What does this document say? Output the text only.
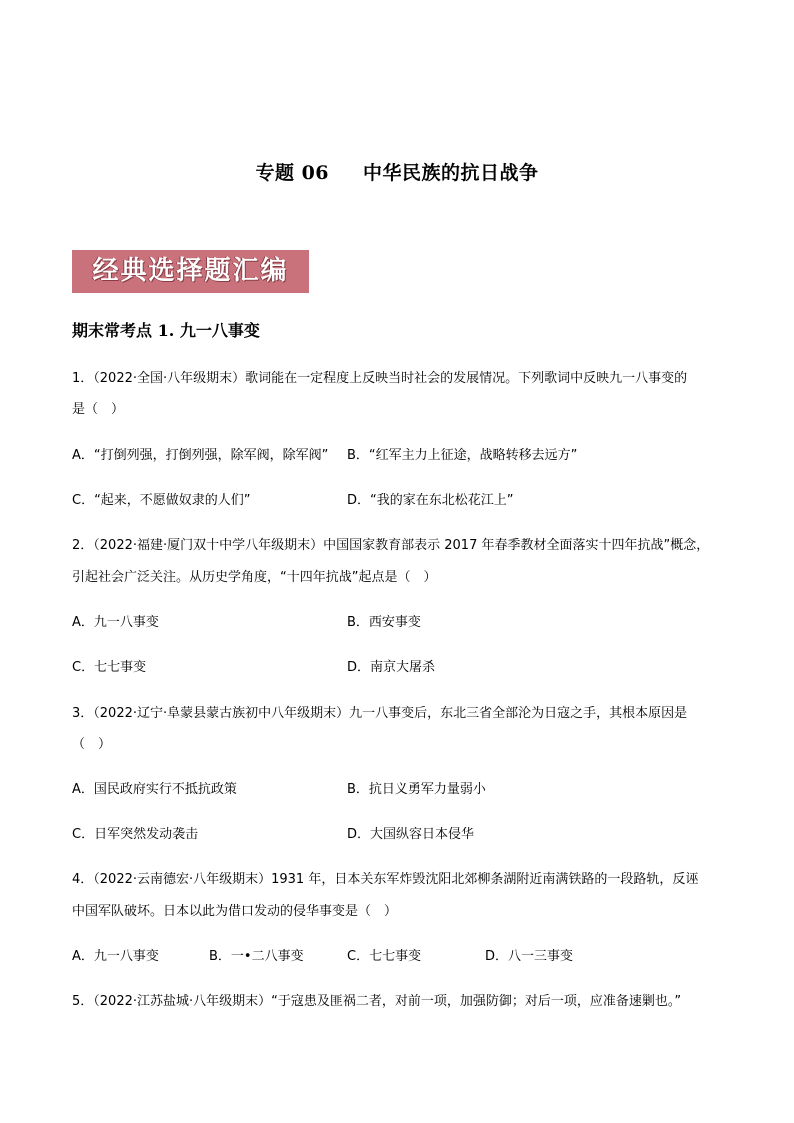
专题 06 中华民族的抗日战争
经典选择题汇编
期末常考点 1. 九一八事变
1．（2022·全国·八年级期末）歌词能在一定程度上反映当时社会的发展情况。下列歌词中反映九一八事变的
是（　）
A．“打倒列强，打倒列强，除军阀，除军阀” B．“红军主力上征途，战略转移去远方”
C．“起来，不愿做奴隶的人们”	D．“我的家在东北松花江上”
2．（2022·福建·厦门双十中学八年级期末）中国国家教育部表示 2017 年春季教材全面落实十四年抗战”概念，
引起社会广泛关注。从历史学角度，“十四年抗战”起点是（　）
A．九一八事变	B．西安事变
C．七七事变	D．南京大屠杀
3．（2022·辽宁·阜蒙县蒙古族初中八年级期末）九一八事变后，东北三省全部沦为日寇之手，其根本原因是
（　）
A．国民政府实行不抵抗政策	B．抗日义勇军力量弱小
C．日军突然发动袭击	D．大国纵容日本侵华
4．（2022·云南德宏·八年级期末）1931 年，日本关东军炸毁沈阳北郊柳条湖附近南满铁路的一段路轨，反诬
中国军队破坏。日本以此为借口发动的侵华事变是（　）
A．九一八事变	B．一•二八事变	C．七七事变	D．八一三事变
5．（2022·江苏盐城·八年级期末）“于寇患及匪祸二者，对前一项，加强防御；对后一项，应准备速剿也。”
